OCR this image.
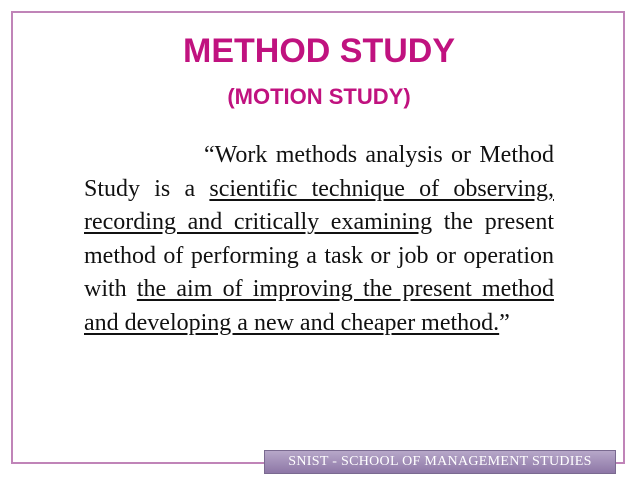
METHOD STUDY
(MOTION STUDY)
“Work methods analysis or Method Study is a scientific technique of observing, recording and critically examining the present method of performing a task or job or operation with the aim of improving the present method and developing a new and cheaper method.”
SNIST - SCHOOL OF MANAGEMENT STUDIES
